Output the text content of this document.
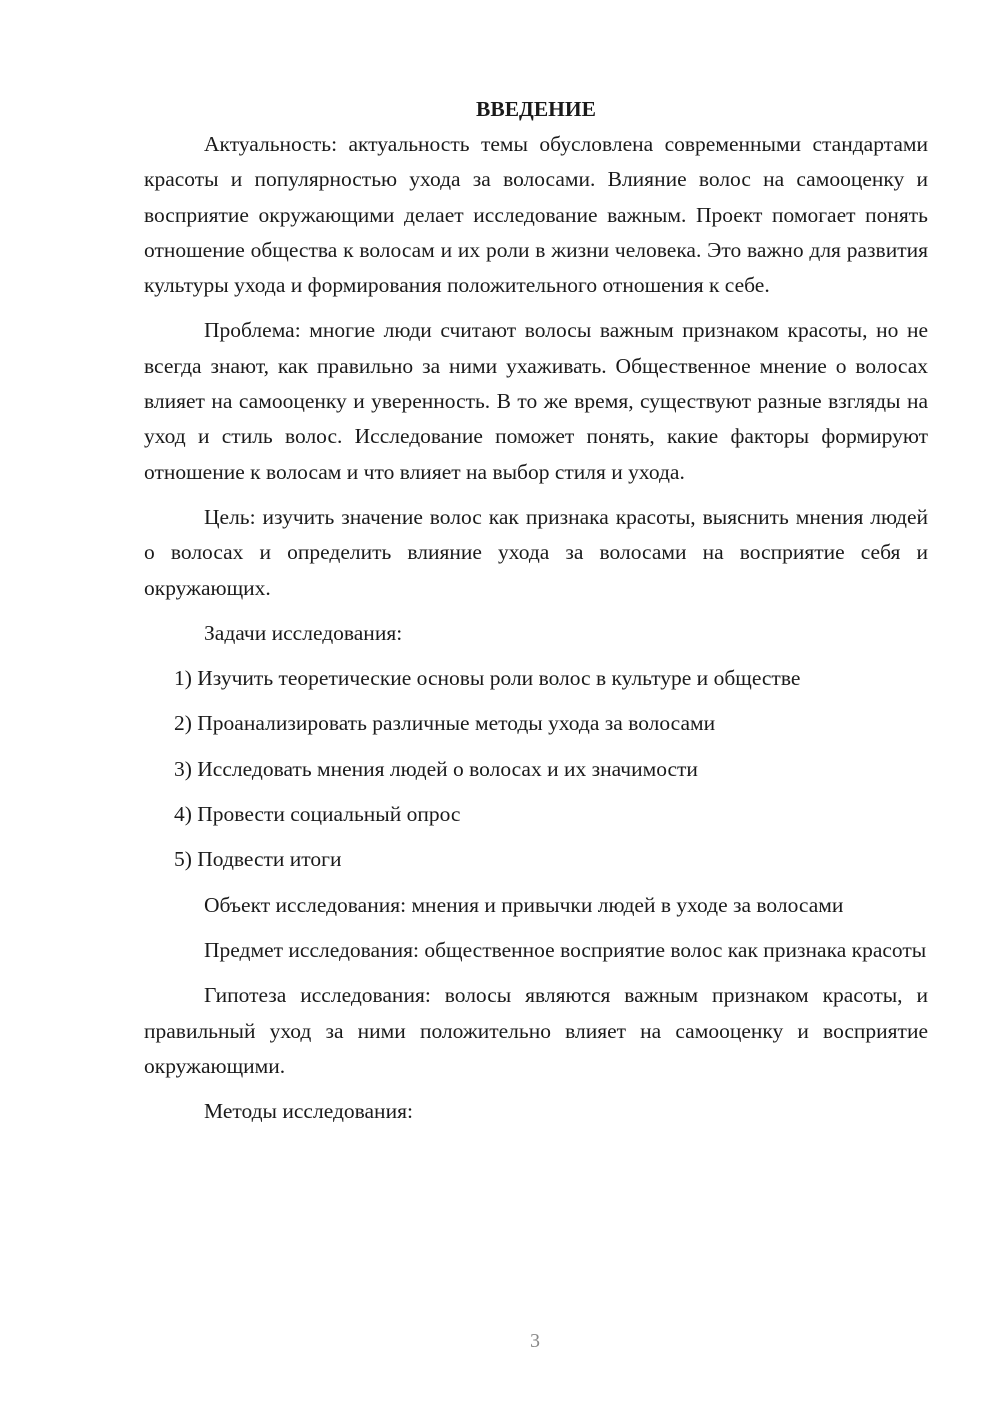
ВВЕДЕНИЕ

Актуальность: актуальность темы обусловлена современными стандартами красоты и популярностью ухода за волосами. Влияние волос на самооценку и восприятие окружающими делает исследование важным. Проект помогает понять отношение общества к волосам и их роли в жизни человека. Это важно для развития культуры ухода и формирования положительного отношения к себе.

Проблема: многие люди считают волосы важным признаком красоты, но не всегда знают, как правильно за ними ухаживать. Общественное мнение о волосах влияет на самооценку и уверенность. В то же время, существуют разные взгляды на уход и стиль волос. Исследование поможет понять, какие факторы формируют отношение к волосам и что влияет на выбор стиля и ухода.

Цель: изучить значение волос как признака красоты, выяснить мнения людей о волосах и определить влияние ухода за волосами на восприятие себя и окружающих.

Задачи исследования:

1) Изучить теоретические основы роли волос в культуре и обществе

2) Проанализировать различные методы ухода за волосами

3) Исследовать мнения людей о волосах и их значимости

4) Провести социальный опрос

5) Подвести итоги

Объект исследования: мнения и привычки людей в уходе за волосами

Предмет исследования: общественное восприятие волос как признака красоты

Гипотеза исследования: волосы являются важным признаком красоты, и правильный уход за ними положительно влияет на самооценку и восприятие окружающими.

Методы исследования:

3
